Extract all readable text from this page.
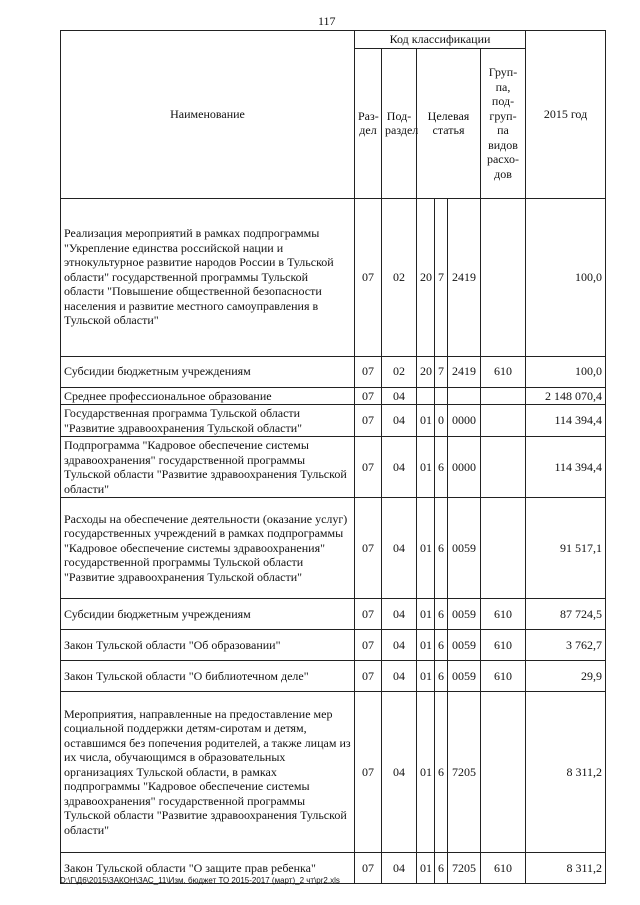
117
Наименование	Код классификации						2015 год
	Раз-дел	Под-раздел	Целевая статья			Груп-па, под-груп-па видов расхо-дов	
Реализация мероприятий в рамках подпрограммы "Укрепление единства российской нации и этнокультурное развитие народов России в Тульской области" государственной программы Тульской области "Повышение общественной безопасности населения и развитие местного самоуправления в Тульской области"	07	02	20	7	2419		100,0
Субсидии бюджетным учреждениям	07	02	20	7	2419	610	100,0
Среднее профессиональное образование	07	04					2 148 070,4
Государственная программа Тульской области "Развитие здравоохранения Тульской области"	07	04	01	0	0000		114 394,4
Подпрограмма "Кадровое обеспечение системы здравоохранения" государственной программы Тульской области "Развитие здравоохранения Тульской области"	07	04	01	6	0000		114 394,4
Расходы на обеспечение деятельности (оказание услуг) государственных учреждений в рамках подпрограммы "Кадровое обеспечение системы здравоохранения" государственной программы Тульской области "Развитие здравоохранения Тульской области"	07	04	01	6	0059		91 517,1
Субсидии бюджетным учреждениям	07	04	01	6	0059	610	87 724,5
Закон Тульской области "Об образовании"	07	04	01	6	0059	610	3 762,7
Закон Тульской области "О библиотечном деле"	07	04	01	6	0059	610	29,9
Мероприятия, направленные на предоставление мер социальной поддержки детям-сиротам и детям, оставшимся без попечения родителей, а также лицам из их числа, обучающимся в образовательных организациях Тульской области, в рамках подпрограммы "Кадровое обеспечение системы здравоохранения" государственной программы Тульской области "Развитие здравоохранения Тульской области"	07	04	01	6	7205		8 311,2
Закон Тульской области "О защите прав ребенка"	07	04	01	6	7205	610	8 311,2
D:\Г\Д6\2015\ЗАКОН\ЗАС_11\Изм. бюджет ТО 2015-2017 (март)_2 чт\pr2.xls
